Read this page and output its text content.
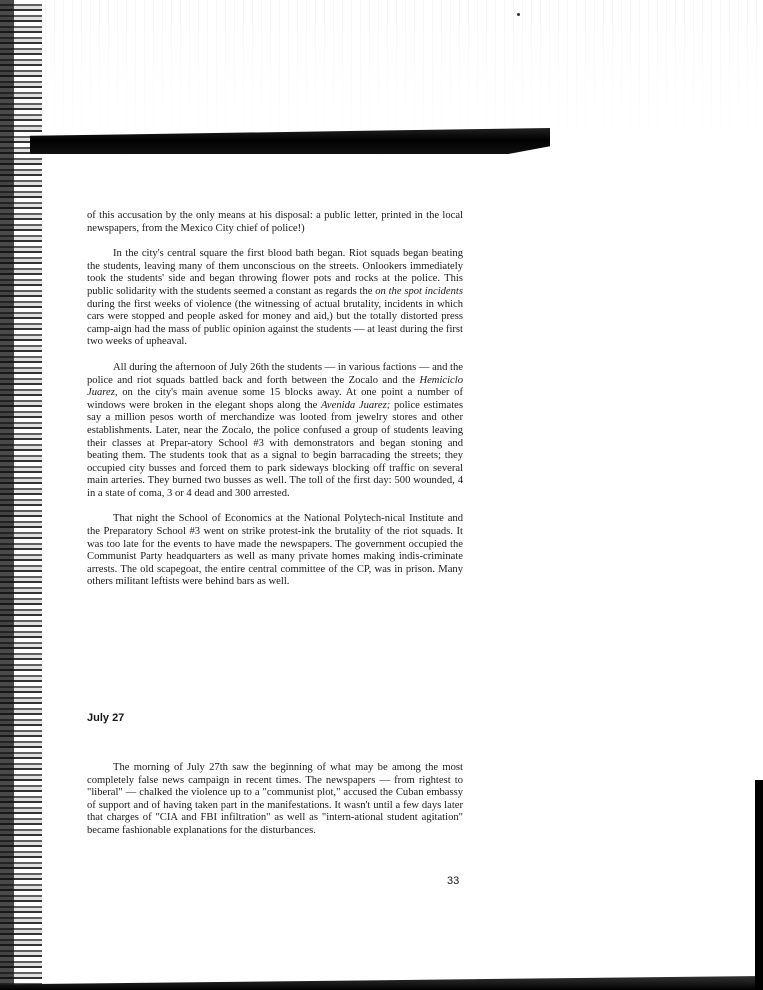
of this accusation by the only means at his disposal: a public letter, printed in the local newspapers, from the Mexico City chief of police!)

In the city's central square the first blood bath began. Riot squads began beating the students, leaving many of them unconscious on the streets. Onlookers immediately took the students' side and began throwing flower pots and rocks at the police. This public solidarity with the students seemed a constant as regards the on the spot incidents during the first weeks of violence (the witnessing of actual brutality, incidents in which cars were stopped and people asked for money and aid,) but the totally distorted press camp-aign had the mass of public opinion against the students — at least during the first two weeks of upheaval.

All during the afternoon of July 26th the students — in various factions — and the police and riot squads battled back and forth between the Zocalo and the Hemiciclo Juarez, on the city's main avenue some 15 blocks away. At one point a number of windows were broken in the elegant shops along the Avenida Juarez; police estimates say a million pesos worth of merchandize was looted from jewelry stores and other establishments. Later, near the Zocalo, the police confused a group of students leaving their classes at Prepar-atory School #3 with demonstrators and began stoning and beating them. The students took that as a signal to begin barracading the streets; they occupied city busses and forced them to park sideways blocking off traffic on several main arteries. They burned two busses as well. The toll of the first day: 500 wounded, 4 in a state of coma, 3 or 4 dead and 300 arrested.

That night the School of Economics at the National Polytech-nical Institute and the Preparatory School #3 went on strike protest-ink the brutality of the riot squads. It was too late for the events to have made the newspapers. The government occupied the Communist Party headquarters as well as many private homes making indis-criminate arrests. The old scapegoat, the entire central committee of the CP, was in prison. Many others militant leftists were behind bars as well.

July 27

The morning of July 27th saw the beginning of what may be among the most completely false news campaign in recent times. The newspapers — from rightest to "liberal" — chalked the violence up to a "communist plot," accused the Cuban embassy of support and of having taken part in the manifestations. It wasn't until a few days later that charges of "CIA and FBI infiltration" as well as "intern-ational student agitation" became fashionable explanations for the disturbances.

33
